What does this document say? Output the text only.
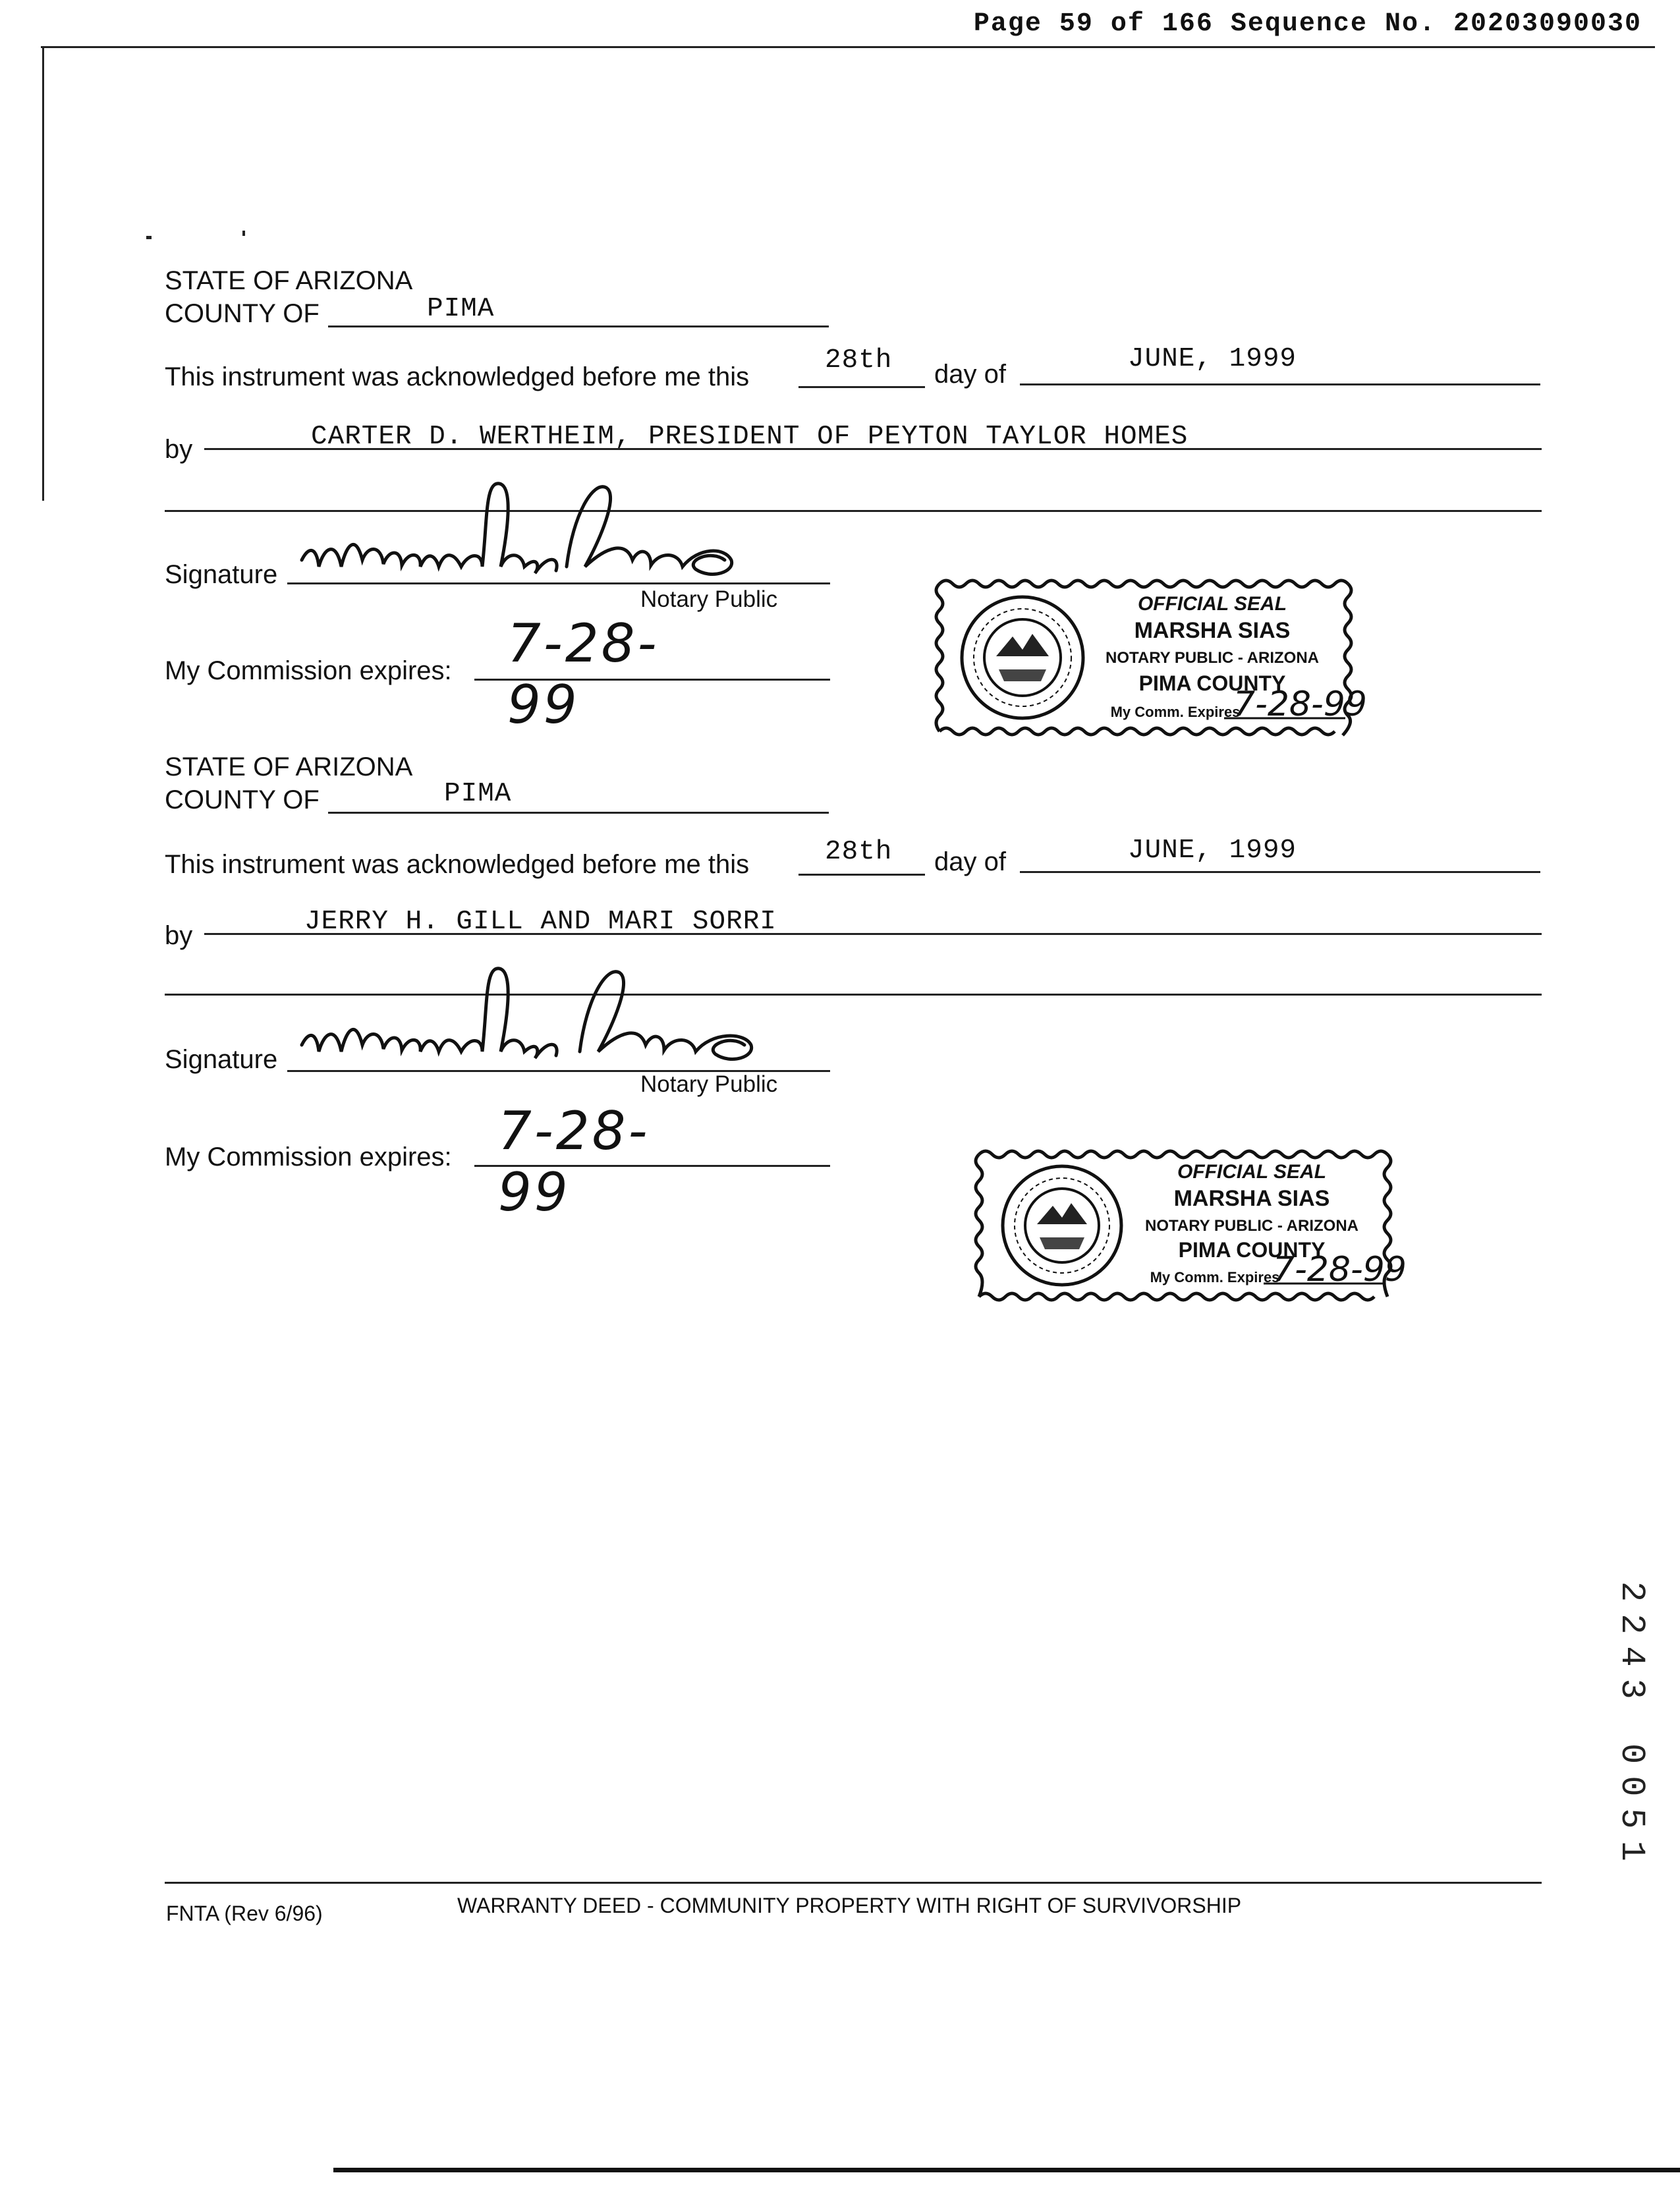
Page 59 of 166 Sequence No. 20203090030
STATE OF ARIZONA
COUNTY OF	PIMA
This instrument was acknowledged before me this
28th day of	JUNE, 1999
by	CARTER D. WERTHEIM, PRESIDENT OF PEYTON TAYLOR HOMES
Signature
Notary Public
My Commission expires: 7-28-99
OFFICIAL SEAL
MARSHA SIAS
NOTARY PUBLIC - ARIZONA
PIMA COUNTY
My Comm. Expires
7-28-99
STATE OF ARIZONA
COUNTY OF	PIMA
This instrument was acknowledged before me this	28th day of	JUNE, 1999
by	JERRY H. GILL AND MARI SORRI
Signature
Notary Public
My Commission expires: 7-28-99	OFFICIAL SEAL
MARSHA SIAS
NOTARY PUBLIC - ARIZONA
PIMA COUNTY
My Comm. Expires
7-28-99
2243 0051
FNTA (Rev 6/96)	WARRANTY DEED - COMMUNITY PROPERTY WITH RIGHT OF SURVIVORSHIP
